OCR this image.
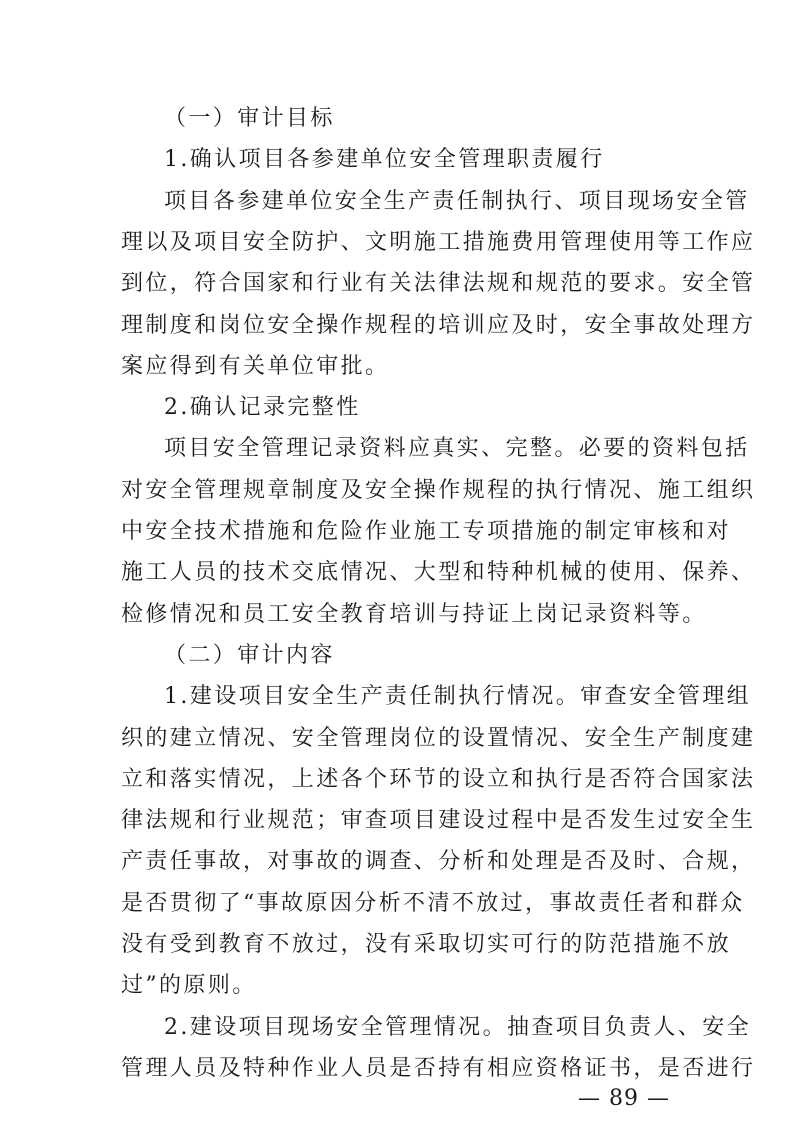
（一）审计目标
1.确认项目各参建单位安全管理职责履行
项目各参建单位安全生产责任制执行、项目现场安全管
理以及项目安全防护、文明施工措施费用管理使用等工作应
到位，符合国家和行业有关法律法规和规范的要求。安全管
理制度和岗位安全操作规程的培训应及时，安全事故处理方
案应得到有关单位审批。
2.确认记录完整性
项目安全管理记录资料应真实、完整。必要的资料包括
对安全管理规章制度及安全操作规程的执行情况、施工组织
中安全技术措施和危险作业施工专项措施的制定审核和对
施工人员的技术交底情况、大型和特种机械的使用、保养、
检修情况和员工安全教育培训与持证上岗记录资料等。
（二）审计内容
1.建设项目安全生产责任制执行情况。审查安全管理组
织的建立情况、安全管理岗位的设置情况、安全生产制度建
立和落实情况，上述各个环节的设立和执行是否符合国家法
律法规和行业规范；审查项目建设过程中是否发生过安全生
产责任事故，对事故的调查、分析和处理是否及时、合规，
是否贯彻了“事故原因分析不清不放过，事故责任者和群众
没有受到教育不放过，没有采取切实可行的防范措施不放
过”的原则。
2.建设项目现场安全管理情况。抽查项目负责人、安全
管理人员及特种作业人员是否持有相应资格证书，是否进行
— 89 —
